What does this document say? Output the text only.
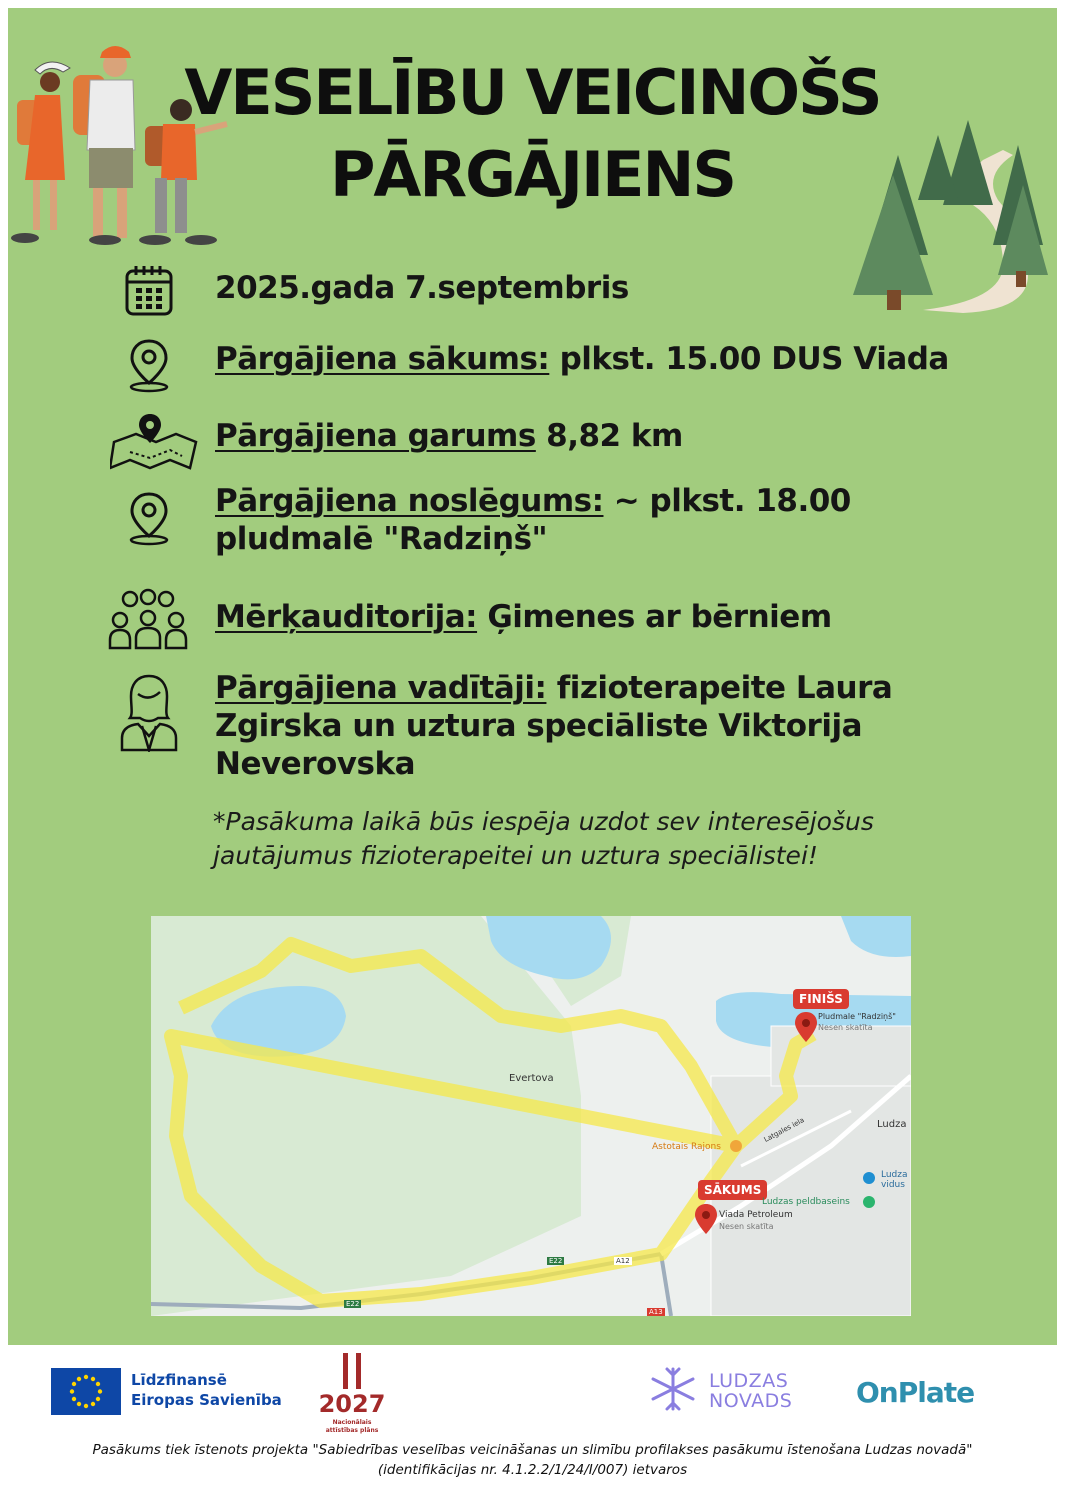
VESELĪBU VEICINOŠS
PĀRGĀJIENS
2025.gada 7.septembris
Pārgājiena sākums: plkst. 15.00 DUS Viada
Pārgājiena garums 8,82 km
Pārgājiena noslēgums: ~ plkst. 18.00
pludmalē "Radziņš"
Mērķauditorija: Ģimenes ar bērniem
Pārgājiena vadītāji: fizioterapeite Laura
Zgirska un uztura speciāliste Viktorija
Neverovska
*Pasākuma laikā būs iespēja uzdot sev interesējošus
jautājumus fizioterapeitei un uztura speciālistei!
FINIŠS
Pludmale "Radziņš"
Nesen skatīta
SĀKUMS
Viada Petroleum
Nesen skatīta
Evertova
Astotais Rajons
Ludzas peldbaseins
Ludza
vidus
Ludza
Latgales iela
A12
E22
E22
A13
Līdzfinansē
Eiropas Savienība 2027
Nacionālais
attīstības plāns
LUDZAS
NOVADS OnPlate
Pasākums tiek īstenots projekta "Sabiedrības veselības veicināšanas un slimību profilakses pasākumu īstenošana Ludzas novadā"
(identifikācijas nr. 4.1.2.2/1/24/I/007) ietvaros
